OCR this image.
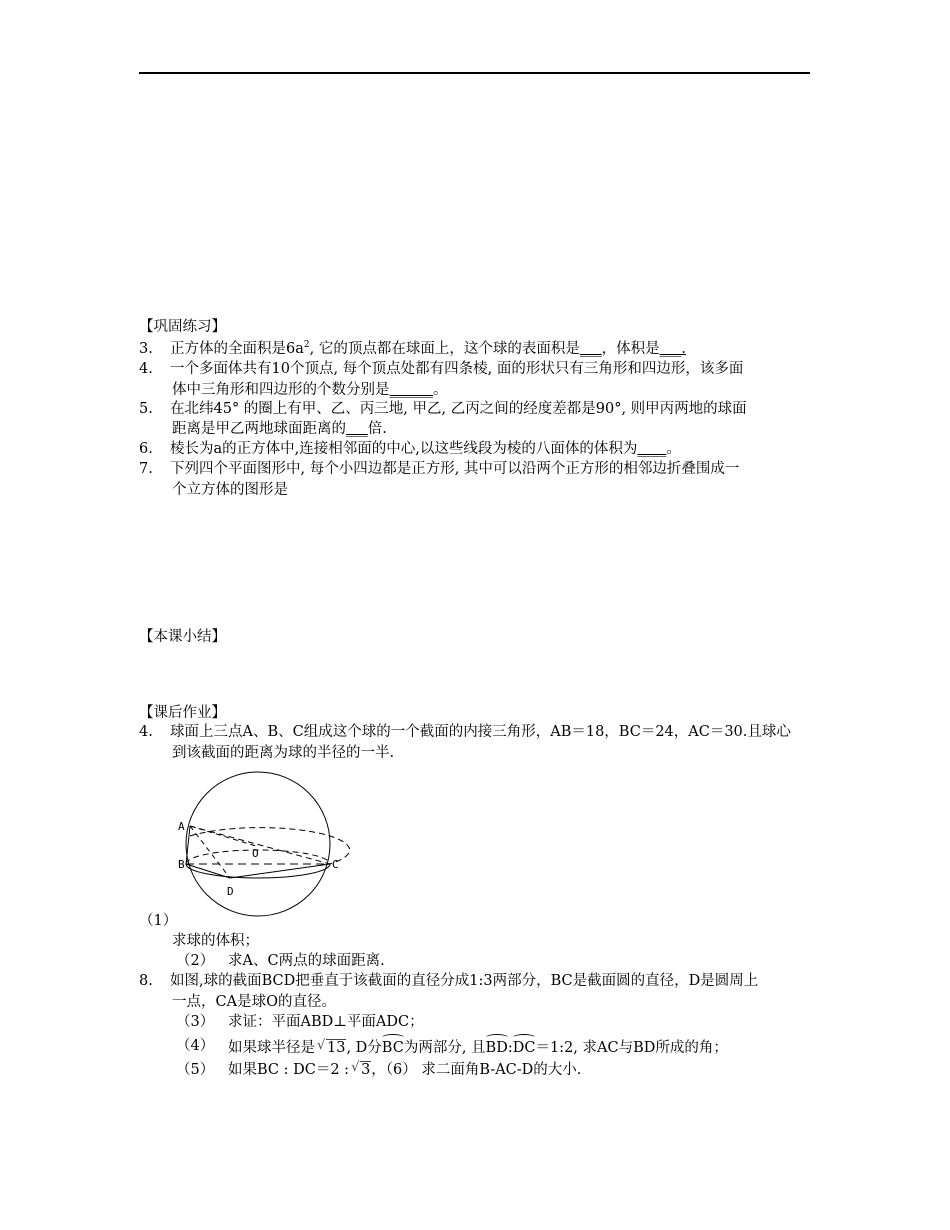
【巩固练习】
3. 正方体的全面积是$6a^2$, 它的顶点都在球面上，这个球的表面积是___，体积是___.
4. 一个多面体共有10个顶点, 每个顶点处都有四条棱, 面的形状只有三角形和四边形，该多面
体中三角形和四边形的个数分别是______。
5. 在北纬45° 的圈上有甲、乙、丙三地, 甲乙, 乙丙之间的经度差都是90°, 则甲丙两地的球面
距离是甲乙两地球面距离的___倍.
6. 棱长为a的正方体中,连接相邻面的中心,以这些线段为棱的八面体的体积为____。
7. 下列四个平面图形中, 每个小四边都是正方形, 其中可以沿两个正方形的相邻边折叠围成一
个立方体的图形是
【本课小结】
【课后作业】
4. 球面上三点A、B、C组成这个球的一个截面的内接三角形，AB＝18，BC＝24，AC＝30.且球心
到该截面的距离为球的半径的一半.
A
B	C
D
O
（1）
求球的体积；
（2） 求A、C两点的球面距离.
8. 如图,球的截面BCD把垂直于该截面的直径分成1:3两部分，BC是截面圆的直径，D是圆周上
一点，CA是球O的直径。
（3） 求证：平面ABD⊥平面ADC；
（4） 如果球半径是 √ 13, D分BC为两部分, 且BD:DC＝1:2, 求AC与BD所成的角；
（5） 如果BC : DC＝2 : √ 3，（6） 求二面角B-AC-D的大小.
